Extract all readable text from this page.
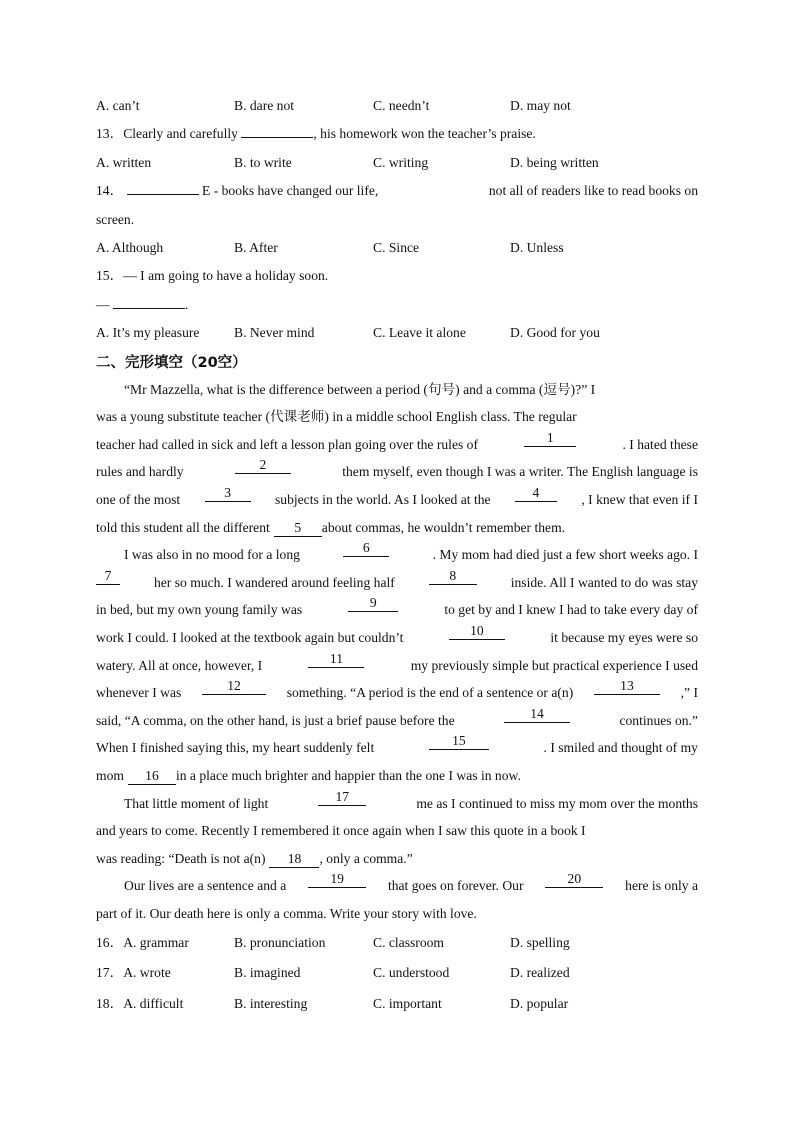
A. can’t	B. dare not	C. needn’t	D. may not
13．Clearly and carefully	, his homework won the teacher’s praise.
A. written	B. to write	C. writing	D. being written
14．	E - books have changed our life,	not all of readers like to read books on
screen.
A. Although	B. After	C. Since	D. Unless
15．— I am going to have a holiday soon.
—	.
A. It’s my pleasure	B. Never mind	C. Leave it alone	D. Good for you
二、完形填空（20空）
“Mr Mazzella, what is the difference between a period (句号) and a comma (逗号)?” I
was a young substitute teacher (代课老师) in a middle school English class. The regular
teacher had called in sick and left a lesson plan going over the rules of	1	. I hated these
rules and hardly	2	them myself, even though I was a writer. The English language is
one of the most	3	subjects in the world. As I looked at the	4	, I knew that even if I
told this student all the different 5 about commas, he wouldn’t remember them.
I was also in no mood for a long	6	. My mom had died just a few short weeks ago. I
7	her so much. I wandered around feeling half	8	inside. All I wanted to do was stay
in bed, but my own young family was	9	to get by and I knew I had to take every day of
work I could. I looked at the textbook again but couldn’t	10	it because my eyes were so
watery. All at once, however, I	11	my previously simple but practical experience I used
whenever I was	12	something. “A period is the end of a sentence or a(n)	13	,” I
said, “A comma, on the other hand, is just a brief pause before the	14	continues on.”
When I finished saying this, my heart suddenly felt	15	. I smiled and thought of my
mom 16 in a place much brighter and happier than the one I was in now.
That little moment of light	17	me as I continued to miss my mom over the months
and years to come. Recently I remembered it once again when I saw this quote in a book I
was reading: “Death is not a(n) 18 , only a comma.”
Our lives are a sentence and a	19	that goes on forever. Our	20	here is only a
part of it. Our death here is only a comma. Write your story with love.
16．A. grammar	B. pronunciation	C. classroom	D. spelling
17．A. wrote	B. imagined	C. understood	D. realized
18．A. difficult	B. interesting	C. important	D. popular
